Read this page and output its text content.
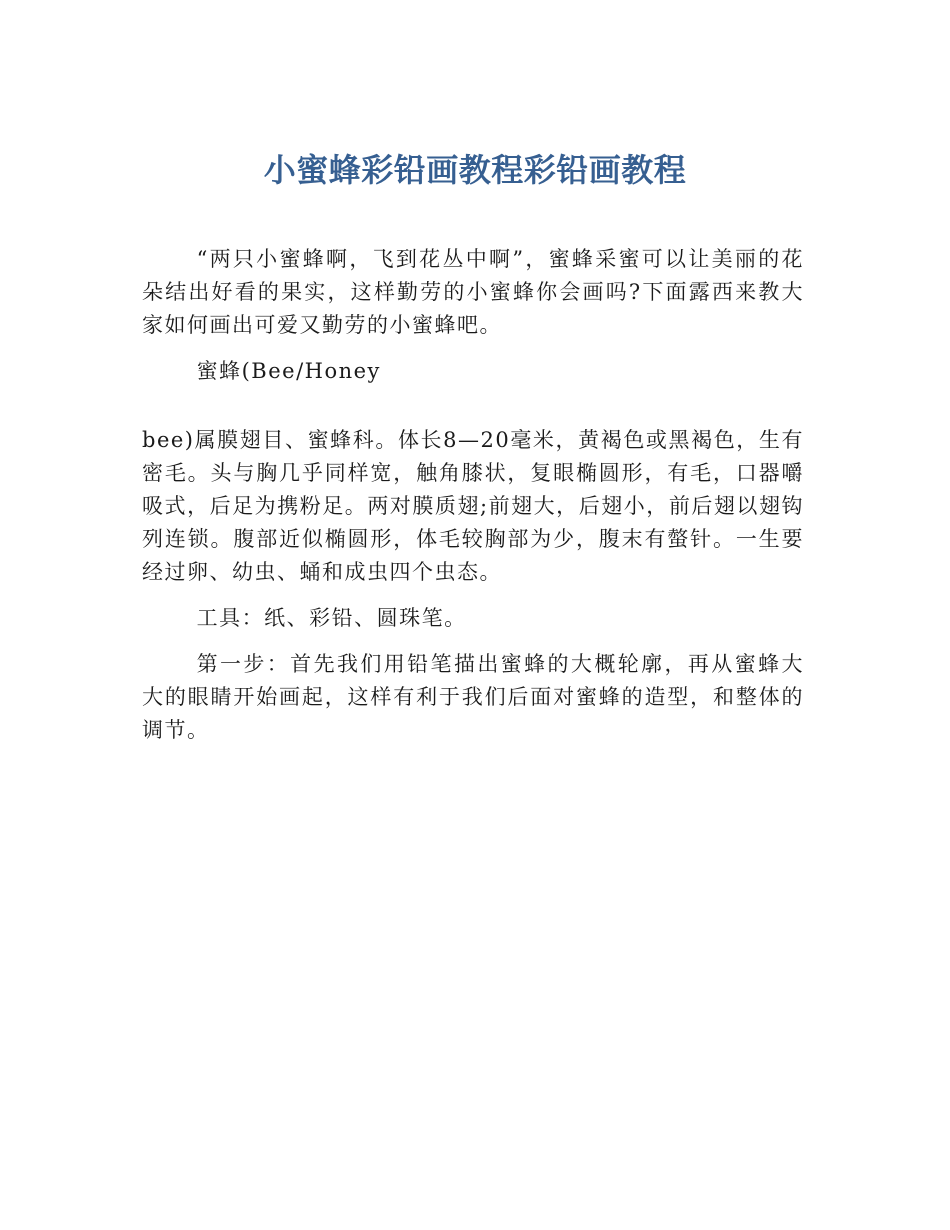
小蜜蜂彩铅画教程彩铅画教程

“两只小蜜蜂啊，飞到花丛中啊”，蜜蜂采蜜可以让美丽的花朵结出好看的果实，这样勤劳的小蜜蜂你会画吗?下面露西来教大家如何画出可爱又勤劳的小蜜蜂吧。

蜜蜂(Bee/Honey

bee)属膜翅目、蜜蜂科。体长8—20毫米，黄褐色或黑褐色，生有密毛。头与胸几乎同样宽，触角膝状，复眼椭圆形，有毛，口器嚼吸式，后足为携粉足。两对膜质翅;前翅大，后翅小，前后翅以翅钩列连锁。腹部近似椭圆形，体毛较胸部为少，腹末有螫针。一生要经过卵、幼虫、蛹和成虫四个虫态。

工具：纸、彩铅、圆珠笔。

第一步：首先我们用铅笔描出蜜蜂的大概轮廓，再从蜜蜂大大的眼睛开始画起，这样有利于我们后面对蜜蜂的造型，和整体的调节。
